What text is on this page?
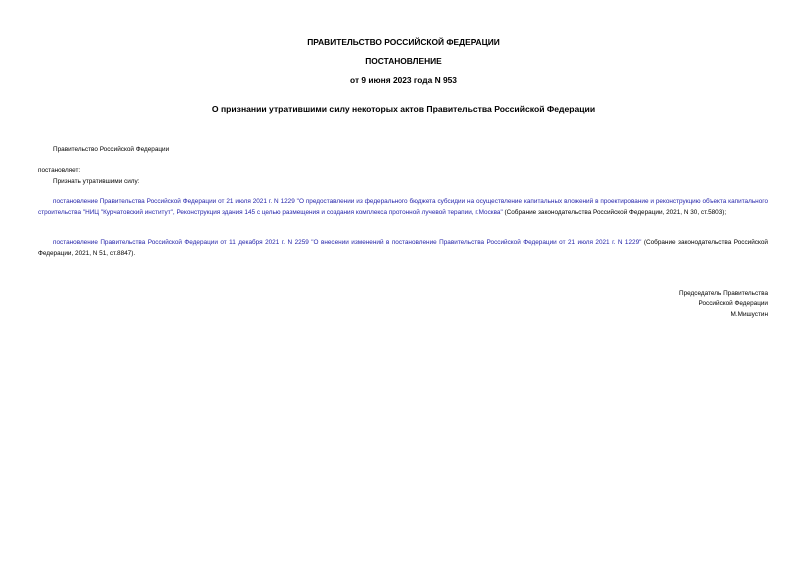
ПРАВИТЕЛЬСТВО РОССИЙСКОЙ ФЕДЕРАЦИИ
ПОСТАНОВЛЕНИЕ
от 9 июня 2023 года N 953
О признании утратившими силу некоторых актов Правительства Российской Федерации
Правительство Российской Федерации
постановляет:
Признать утратившими силу:
постановление Правительства Российской Федерации от 21 июля 2021 г. N 1229 "О предоставлении из федерального бюджета субсидии на осуществление капитальных вложений в проектирование и реконструкцию объекта капитального строительства "НИЦ "Курчатовский институт", Реконструкция здания 145 с целью размещения и создания комплекса протонной лучевой терапии, г.Москва" (Собрание законодательства Российской Федерации, 2021, N 30, ст.5803);
постановление Правительства Российской Федерации от 11 декабря 2021 г. N 2259 "О внесении изменений в постановление Правительства Российской Федерации от 21 июля 2021 г. N 1229" (Собрание законодательства Российской Федерации, 2021, N 51, ст.8847).
Председатель Правительства
Российской Федерации
М.Мишустин
